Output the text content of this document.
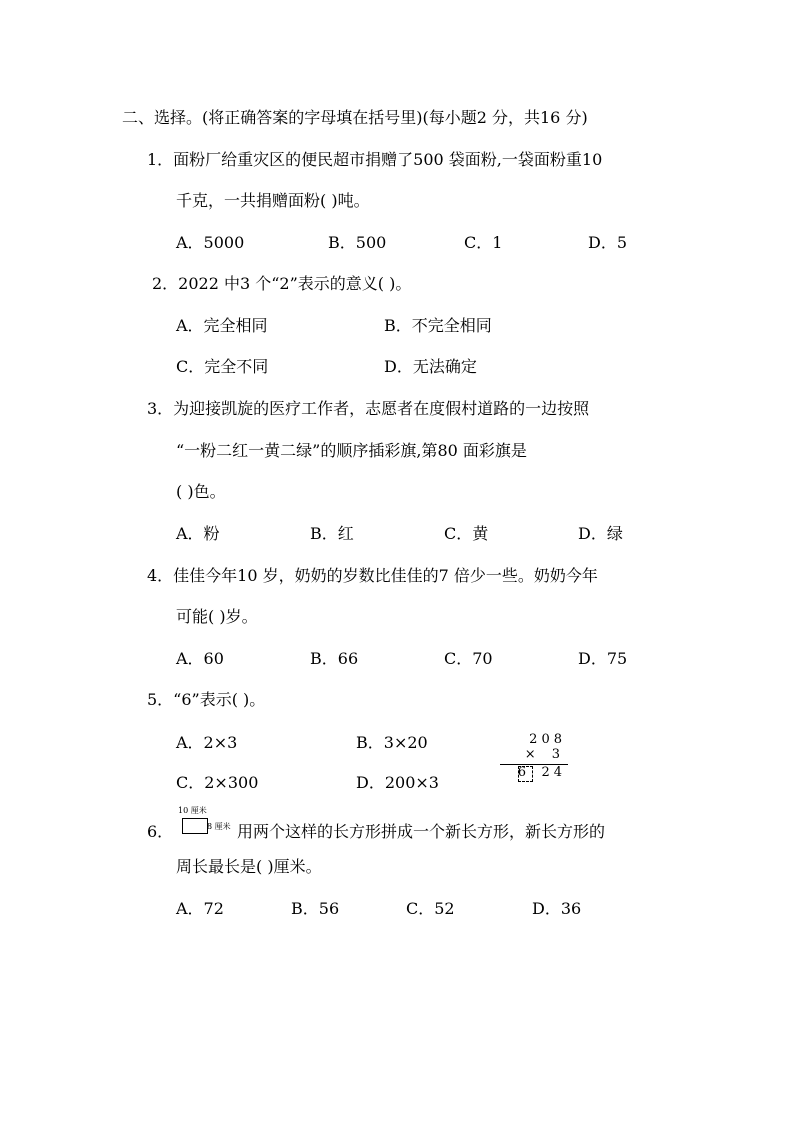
二、选择。(将正确答案的字母填在括号里)(每小题2 分，共16 分)
1．面粉厂给重灾区的便民超市捐赠了500 袋面粉,一袋面粉重10
千克，一共捐赠面粉( )吨。
A．5000	B．500	C．1	D．5
2．2022 中3 个“2”表示的意义( )。
A．完全相同	B．不完全相同
C．完全不同	D．无法确定
3．为迎接凯旋的医疗工作者，志愿者在度假村道路的一边按照
“一粉二红一黄二绿”的顺序插彩旗,第80 面彩旗是
( )色。
A．粉	B．红	C．黄	D．绿
4．佳佳今年10 岁，奶奶的岁数比佳佳的7 倍少一些。奶奶今年
可能( )岁。
A．60	B．66	C．70	D．75
5．“6”表示( )。
A．2×3	B．3×20
C．2×300	D．200×3
208
× 3
6 24
6．
10 厘米
8 厘米 用两个这样的长方形拼成一个新长方形，新长方形的
周长最长是( )厘米。
A．72	B．56	C．52	D．36
